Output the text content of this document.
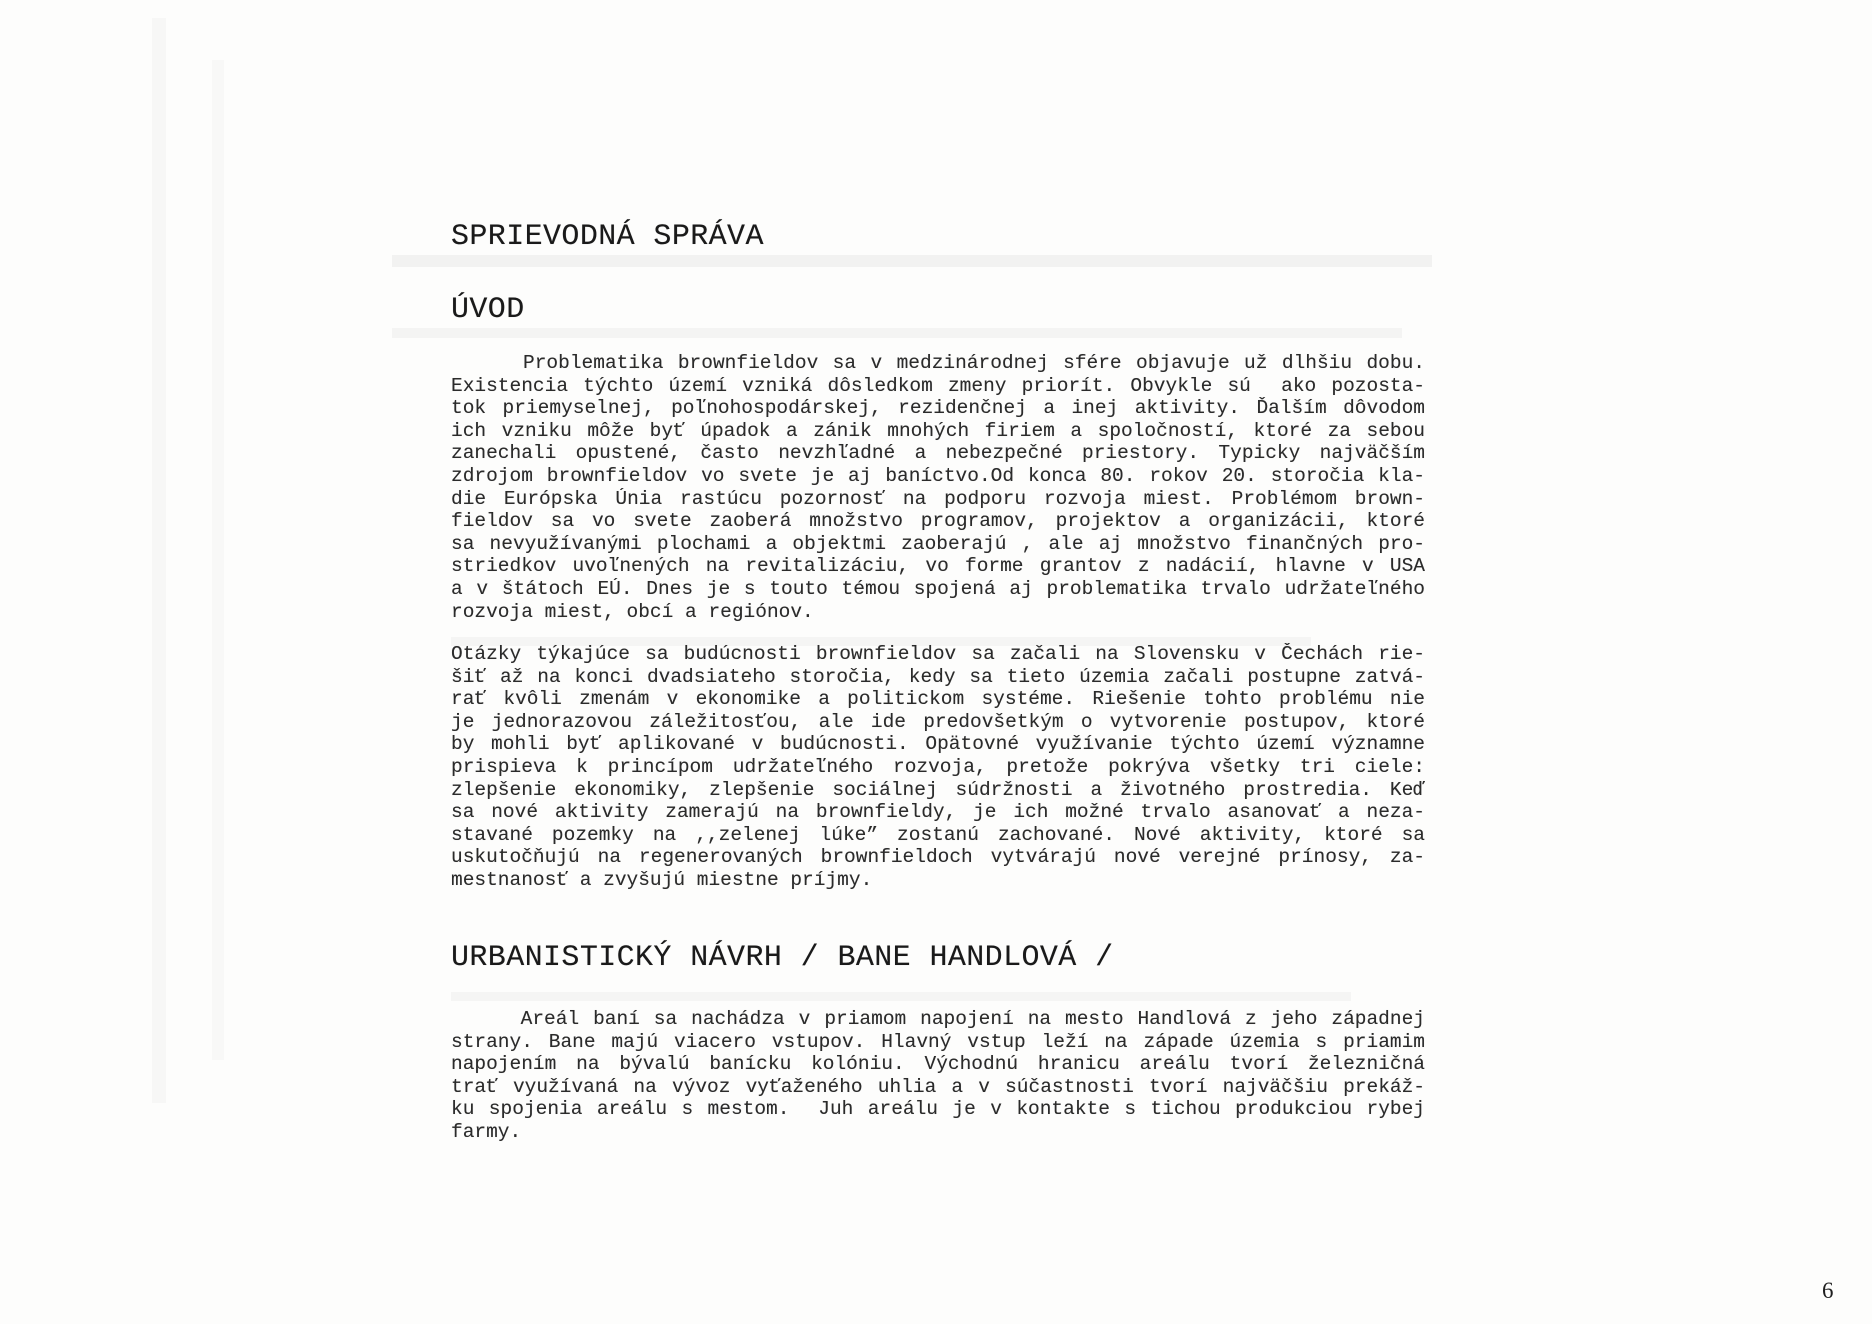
SPRIEVODNÁ SPRÁVA
ÚVOD
Problematika brownfieldov sa v medzinárodnej sfére objavuje už dlhšiu dobu.
Existencia týchto území vzniká dôsledkom zmeny priorít. Obvykle sú  ako pozosta-
tok priemyselnej, poľnohospodárskej, rezidenčnej a inej aktivity. Ďalším dôvodom
ich vzniku môže byť úpadok a zánik mnohých firiem a spoločností, ktoré za sebou
zanechali opustené, často nevzhľadné a nebezpečné priestory. Typicky najväčším
zdrojom brownfieldov vo svete je aj baníctvo.Od konca 80. rokov 20. storočia kla-
die Európska Únia rastúcu pozornosť na podporu rozvoja miest. Problémom brown-
fieldov sa vo svete zaoberá množstvo programov, projektov a organizácii, ktoré
sa nevyužívanými plochami a objektmi zaoberajú , ale aj množstvo finančných pro-
striedkov uvoľnených na revitalizáciu, vo forme grantov z nadácií, hlavne v USA
a v štátoch EÚ. Dnes je s touto témou spojená aj problematika trvalo udržateľného
rozvoja miest, obcí a regiónov.
Otázky týkajúce sa budúcnosti brownfieldov sa začali na Slovensku v Čechách rie-
šiť až na konci dvadsiateho storočia, kedy sa tieto územia začali postupne zatvá-
rať kvôli zmenám v ekonomike a politickom systéme. Riešenie tohto problému nie
je jednorazovou záležitosťou, ale ide predovšetkým o vytvorenie postupov, ktoré
by mohli byť aplikované v budúcnosti. Opätovné využívanie týchto území významne
prispieva k princípom udržateľného rozvoja, pretože pokrýva všetky tri ciele:
zlepšenie ekonomiky, zlepšenie sociálnej súdržnosti a životného prostredia. Keď
sa nové aktivity zamerajú na brownfieldy, je ich možné trvalo asanovať a neza-
stavané pozemky na ,,zelenej lúke” zostanú zachované. Nové aktivity, ktoré sa
uskutočňujú na regenerovaných brownfieldoch vytvárajú nové verejné prínosy, za-
mestnanosť a zvyšujú miestne príjmy.
URBANISTICKÝ NÁVRH / BANE HANDLOVÁ /
Areál baní sa nachádza v priamom napojení na mesto Handlová z jeho západnej
strany. Bane majú viacero vstupov. Hlavný vstup leží na západe územia s priamim
napojením na bývalú banícku kolóniu. Východnú hranicu areálu tvorí železničná
trať využívaná na vývoz vyťaženého uhlia a v súčastnosti tvorí najväčšiu prekáž-
ku spojenia areálu s mestom.  Juh areálu je v kontakte s tichou produkciou rybej
farmy.
6
